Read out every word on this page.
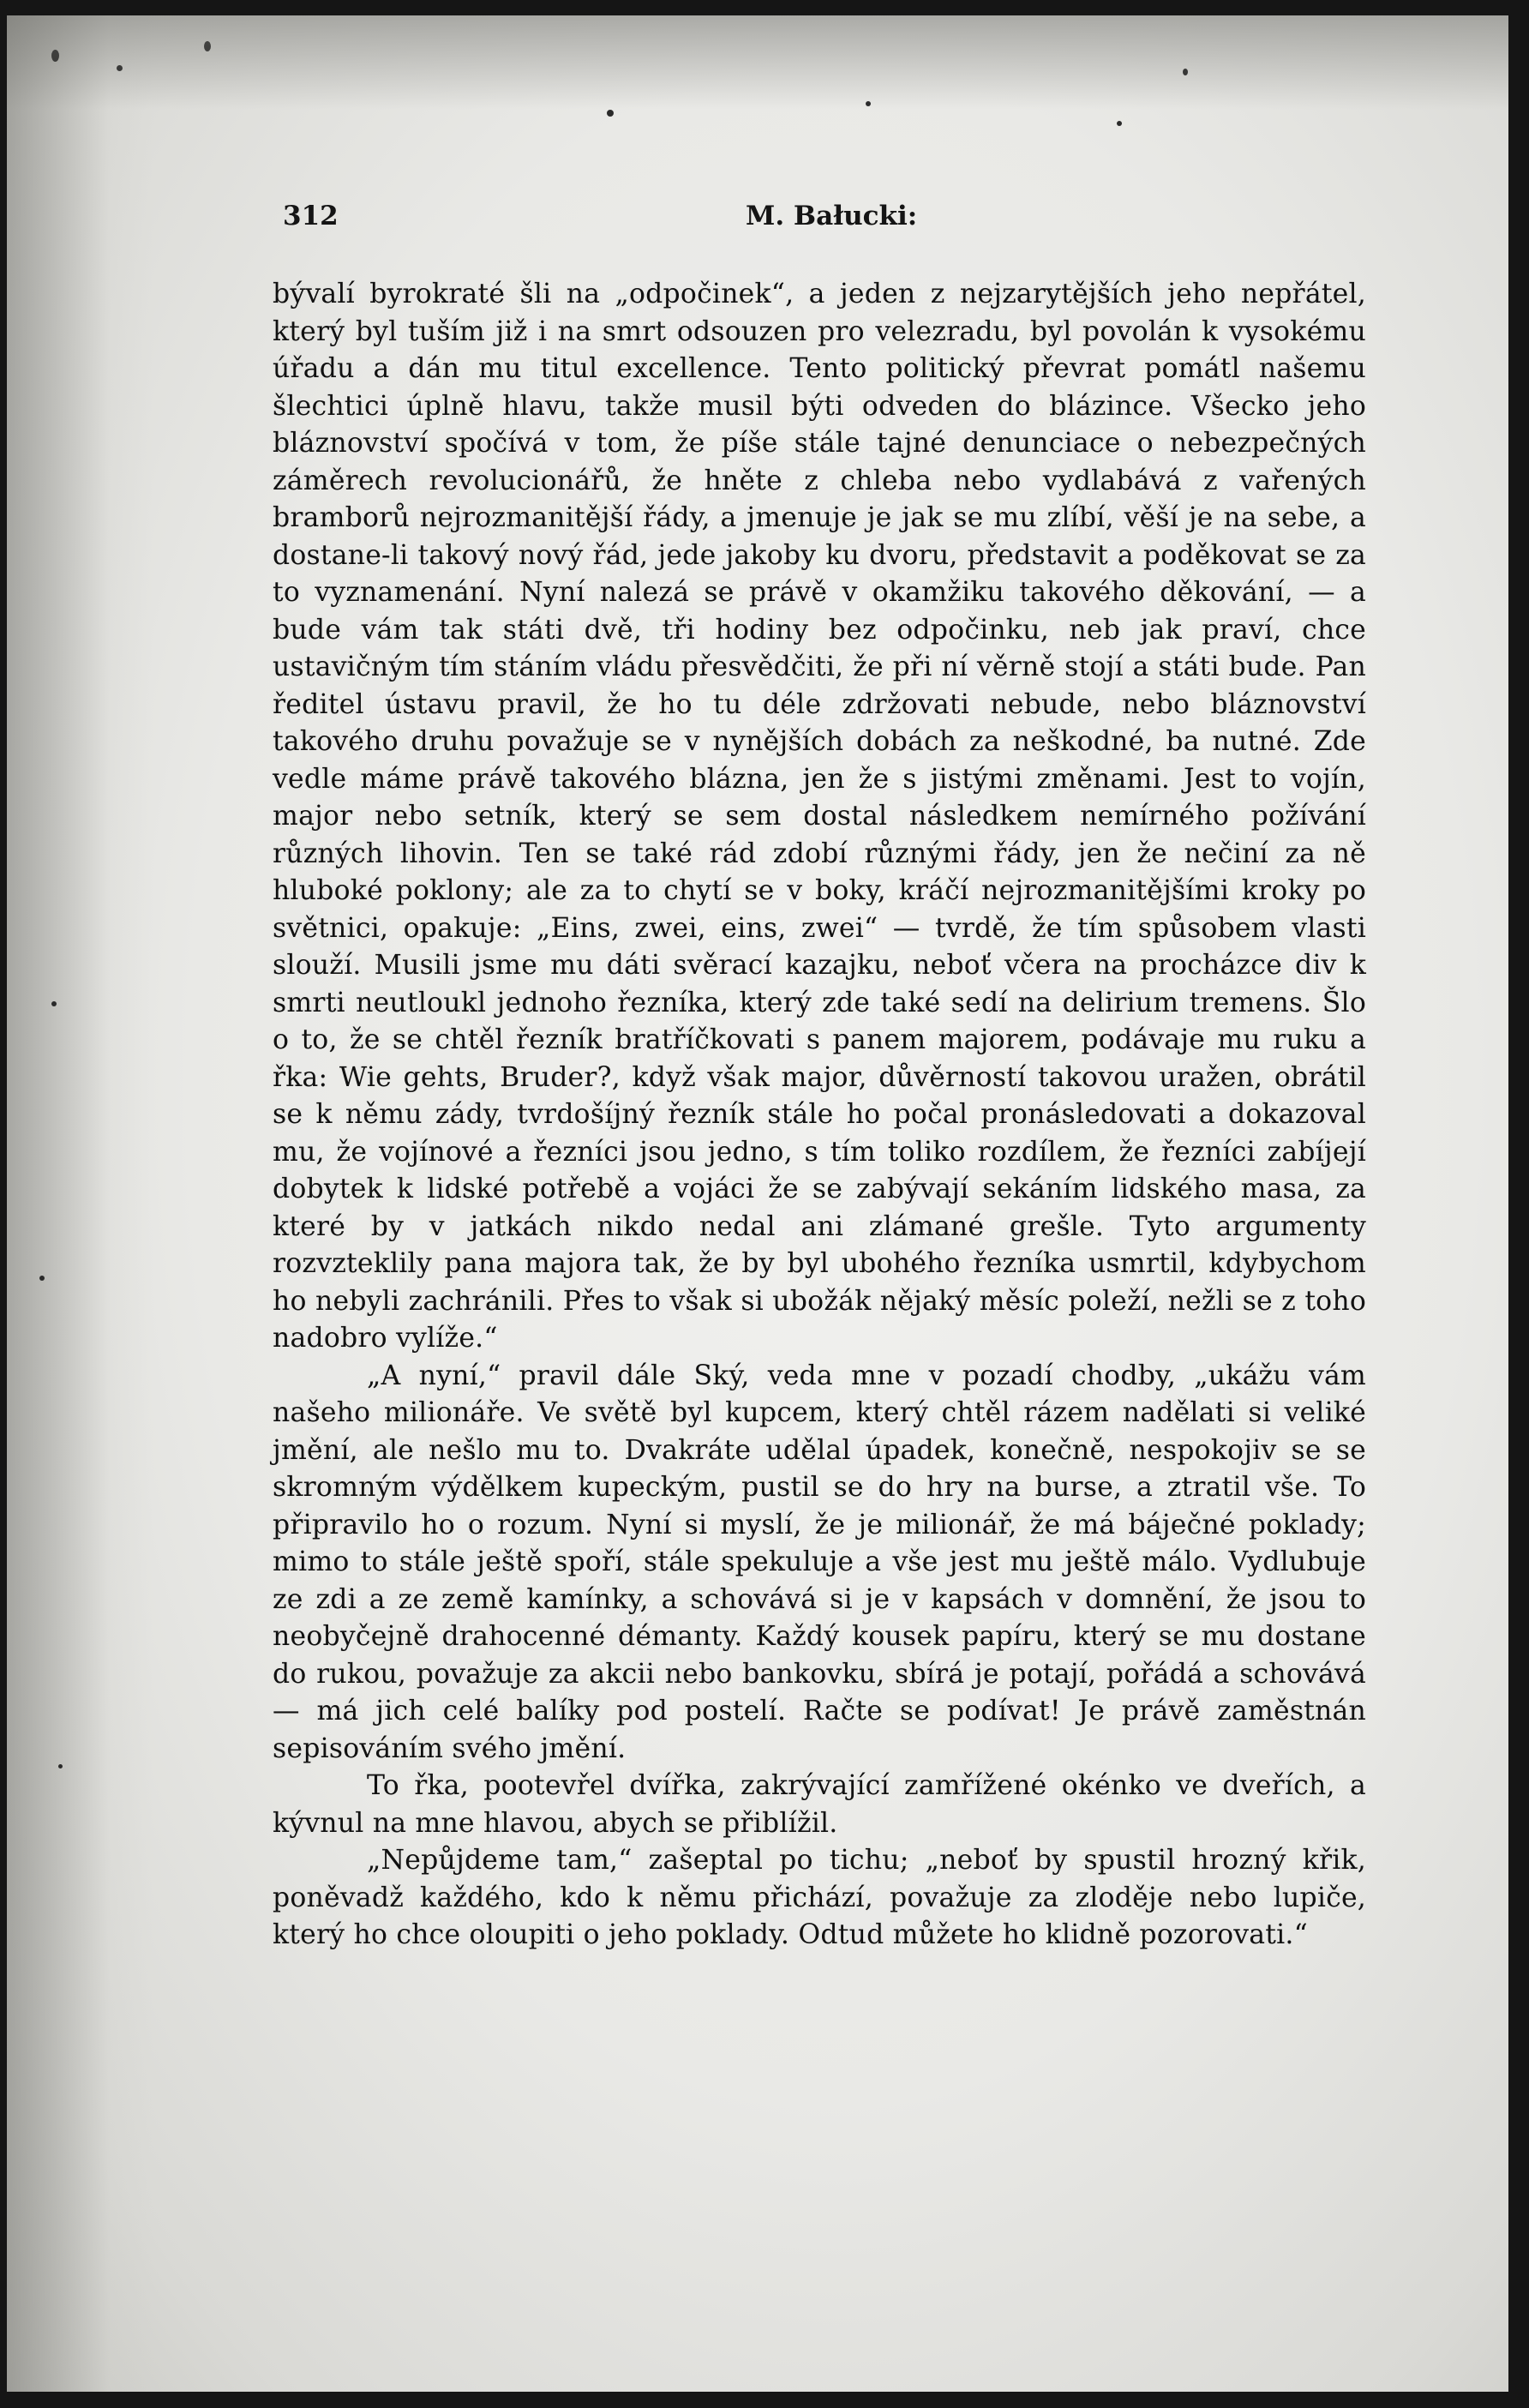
312	M. Bałucki:

bývalí byrokraté šli na „odpočinek“, a jeden z nejzarytějších jeho nepřátel, který byl tuším již i na smrt odsouzen pro velezradu, byl povolán k vysokému úřadu a dán mu titul excellence. Tento politický převrat pomátl našemu šlechtici úplně hlavu, takže musil býti odveden do blázince. Všecko jeho bláznovství spočívá v tom, že píše stále tajné denunciace o nebezpečných záměrech revolucionářů, že hněte z chleba nebo vydlabává z vařených bramborů nejrozmanitější řády, a jmenuje je jak se mu zlíbí, věší je na sebe, a dostane-li takový nový řád, jede jakoby ku dvoru, představit a poděkovat se za to vyznamenání. Nyní nalezá se právě v okamžiku takového děkování, — a bude vám tak státi dvě, tři hodiny bez odpočinku, neb jak praví, chce ustavičným tím stáním vládu přesvědčiti, že při ní věrně stojí a státi bude. Pan ředitel ústavu pravil, že ho tu déle zdržovati nebude, nebo bláznovství takového druhu považuje se v nynějších dobách za neškodné, ba nutné. Zde vedle máme právě takového blázna, jen že s jistými změnami. Jest to vojín, major nebo setník, který se sem dostal následkem nemírného požívání různých lihovin. Ten se také rád zdobí různými řády, jen že nečiní za ně hluboké poklony; ale za to chytí se v boky, kráčí nejrozmanitějšími kroky po světnici, opakuje: „Eins, zwei, eins, zwei“ — tvrdě, že tím spůsobem vlasti slouží. Musili jsme mu dáti svěrací kazajku, neboť včera na procházce div k smrti neutloukl jednoho řezníka, který zde také sedí na delirium tremens. Šlo o to, že se chtěl řezník bratříčkovati s panem majorem, podávaje mu ruku a řka: Wie gehts, Bruder?, když však major, důvěrností takovou uražen, obrátil se k němu zády, tvrdošíjný řezník stále ho počal pronásledovati a dokazoval mu, že vojínové a řezníci jsou jedno, s tím toliko rozdílem, že řezníci zabíjejí dobytek k lidské potřebě a vojáci že se zabývají sekáním lidského masa, za které by v jatkách nikdo nedal ani zlámané grešle. Tyto argumenty rozvzteklily pana majora tak, že by byl ubohého řezníka usmrtil, kdybychom ho nebyli zachránili. Přes to však si ubožák nějaký měsíc poleží, nežli se z toho nadobro vylíže.“

„A nyní,“ pravil dále Ský, veda mne v pozadí chodby, „ukážu vám našeho milionáře. Ve světě byl kupcem, který chtěl rázem nadělati si veliké jmění, ale nešlo mu to. Dvakráte udělal úpadek, konečně, nespokojiv se se skromným výdělkem kupeckým, pustil se do hry na burse, a ztratil vše. To připravilo ho o rozum. Nyní si myslí, že je milionář, že má báječné poklady; mimo to stále ještě spoří, stále spekuluje a vše jest mu ještě málo. Vydlubuje ze zdi a ze země kamínky, a schovává si je v kapsách v domnění, že jsou to neobyčejně drahocenné démanty. Každý kousek papíru, který se mu dostane do rukou, považuje za akcii nebo bankovku, sbírá je potají, pořádá a schovává — má jich celé balíky pod postelí. Račte se podívat! Je právě zaměstnán sepisováním svého jmění.

To řka, pootevřel dvířka, zakrývající zamřížené okénko ve dveřích, a kývnul na mne hlavou, abych se přiblížil.

„Nepůjdeme tam,“ zašeptal po tichu; „neboť by spustil hrozný křik, poněvadž každého, kdo k němu přichází, považuje za zloděje nebo lupiče, který ho chce oloupiti o jeho poklady. Odtud můžete ho klidně pozorovati.“
